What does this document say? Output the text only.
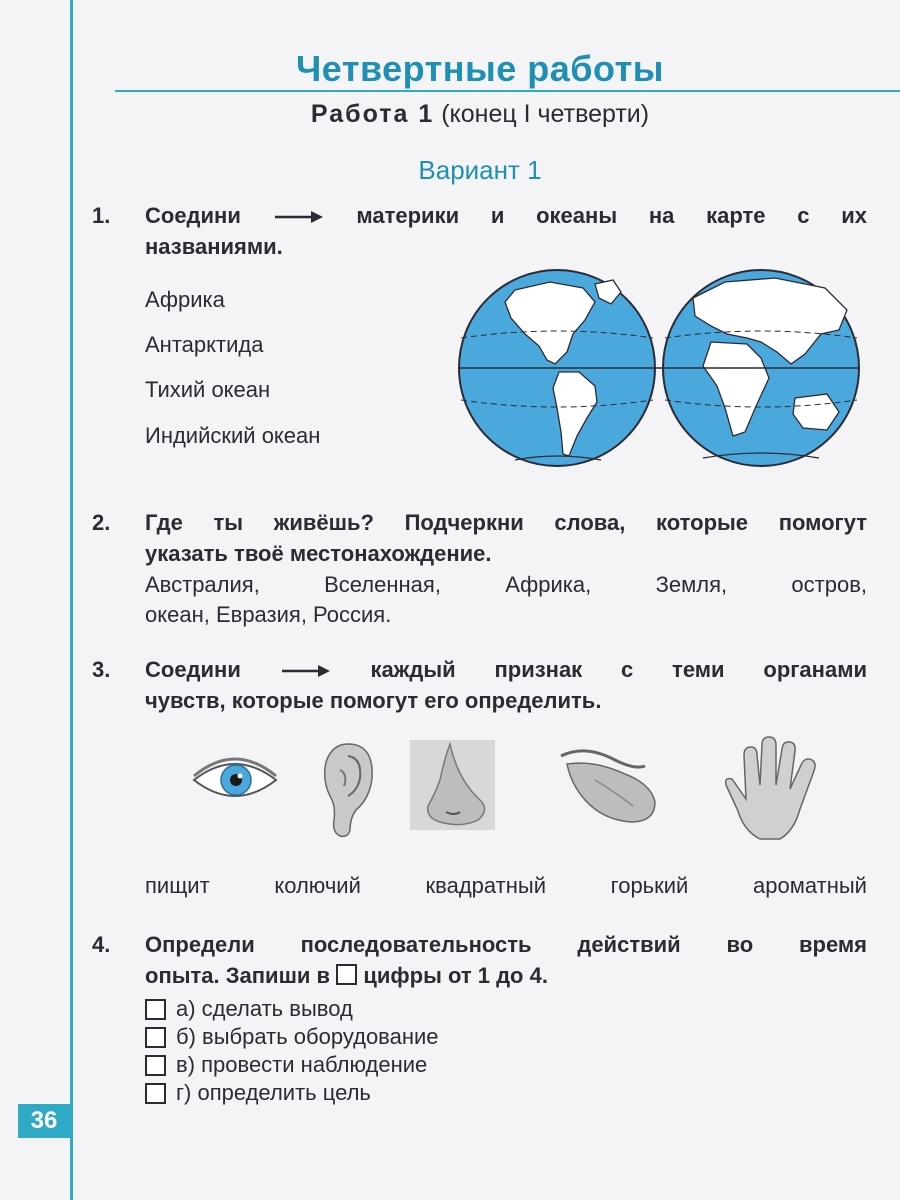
36
Четвертные работы
Работа 1 (конец I четверти)
Вариант 1
1. Соедини	материки и океаны на карте с их
названиями.
Африка
Антарктида
Тихий океан
Индийский океан
2. Где ты живёшь? Подчеркни слова, которые помогут
указать твоё местонахождение.
Австралия, Вселенная, Африка, Земля, остров,
океан, Евразия, Россия.
3. Соедини	каждый признак с теми органами
чувств, которые помогут его определить.
пищит	колючий	квадратный	горький	ароматный
4. Определи последовательность действий во время
опыта. Запиши в цифры от 1 до 4.
а) сделать вывод
б) выбрать оборудование
в) провести наблюдение
г) определить цель
